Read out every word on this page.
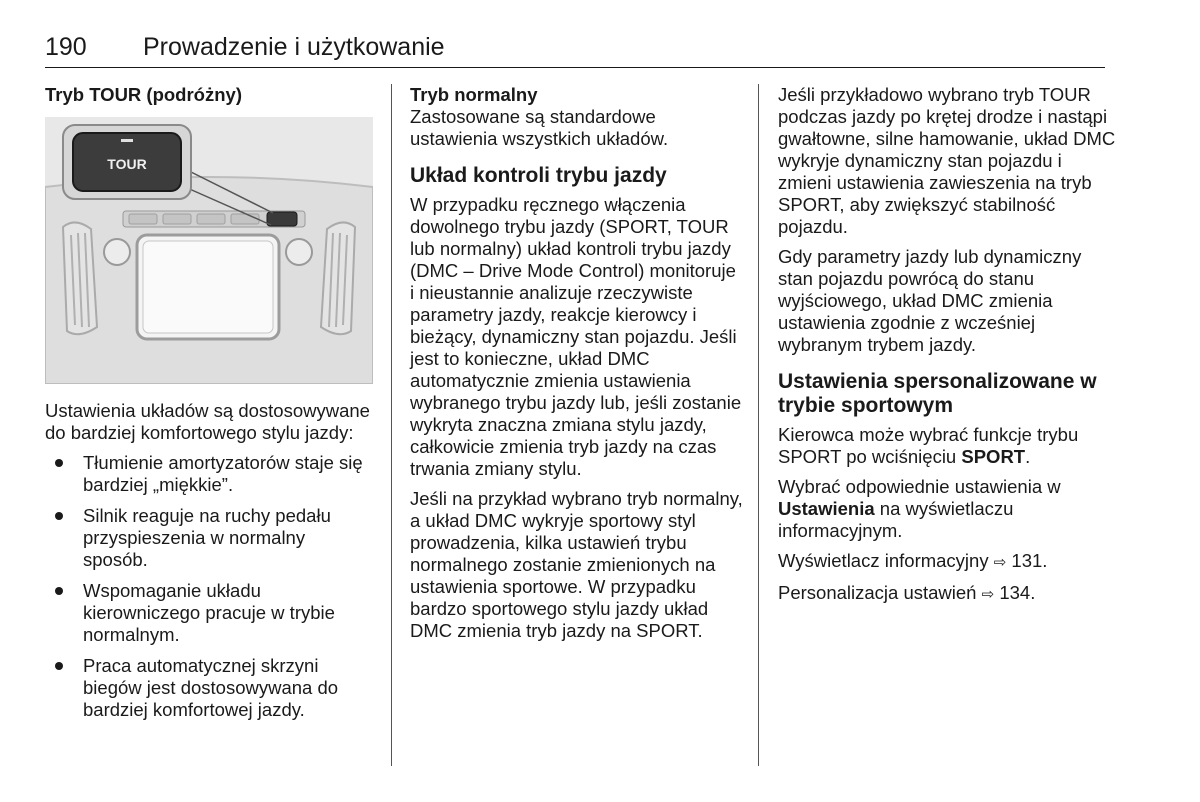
190 Prowadzenie i użytkowanie
Tryb TOUR (podróżny)
TOUR

Ustawienia układów są dostosowywane do bardziej komfortowego stylu jazdy:

Tłumienie amortyzatorów staje się bardziej „miękkie”.
Silnik reaguje na ruchy pedału przyspieszenia w normalny sposób.
Wspomaganie układu kierowniczego pracuje w trybie normalnym.
Praca automatycznej skrzyni biegów jest dostosowywana do bardziej komfortowej jazdy.
Tryb normalny

Zastosowane są standardowe ustawienia wszystkich układów.

Układ kontroli trybu jazdy

W przypadku ręcznego włączenia dowolnego trybu jazdy (SPORT, TOUR lub normalny) układ kontroli trybu jazdy (DMC – Drive Mode Control) monitoruje i nieustannie analizuje rzeczywiste parametry jazdy, reakcje kierowcy i bieżący, dynamiczny stan pojazdu. Jeśli jest to konieczne, układ DMC automatycznie zmienia ustawienia wybranego trybu jazdy lub, jeśli zostanie wykryta znaczna zmiana stylu jazdy, całkowicie zmienia tryb jazdy na czas trwania zmiany stylu.

Jeśli na przykład wybrano tryb normalny, a układ DMC wykryje sportowy styl prowadzenia, kilka ustawień trybu normalnego zostanie zmienionych na ustawienia sportowe. W przypadku bardzo sportowego stylu jazdy układ DMC zmienia tryb jazdy na SPORT.

Jeśli przykładowo wybrano tryb TOUR podczas jazdy po krętej drodze i nastąpi gwałtowne, silne hamowanie, układ DMC wykryje dynamiczny stan pojazdu i zmieni ustawienia zawieszenia na tryb SPORT, aby zwiększyć stabilność pojazdu.

Gdy parametry jazdy lub dynamiczny stan pojazdu powrócą do stanu wyjściowego, układ DMC zmienia ustawienia zgodnie z wcześniej wybranym trybem jazdy.

Ustawienia spersonalizowane w trybie sportowym

Kierowca może wybrać funkcje trybu SPORT po wciśnięciu SPORT.

Wybrać odpowiednie ustawienia w Ustawienia na wyświetlaczu informacyjnym.

Wyświetlacz informacyjny ⇨ 131.

Personalizacja ustawień ⇨ 134.
